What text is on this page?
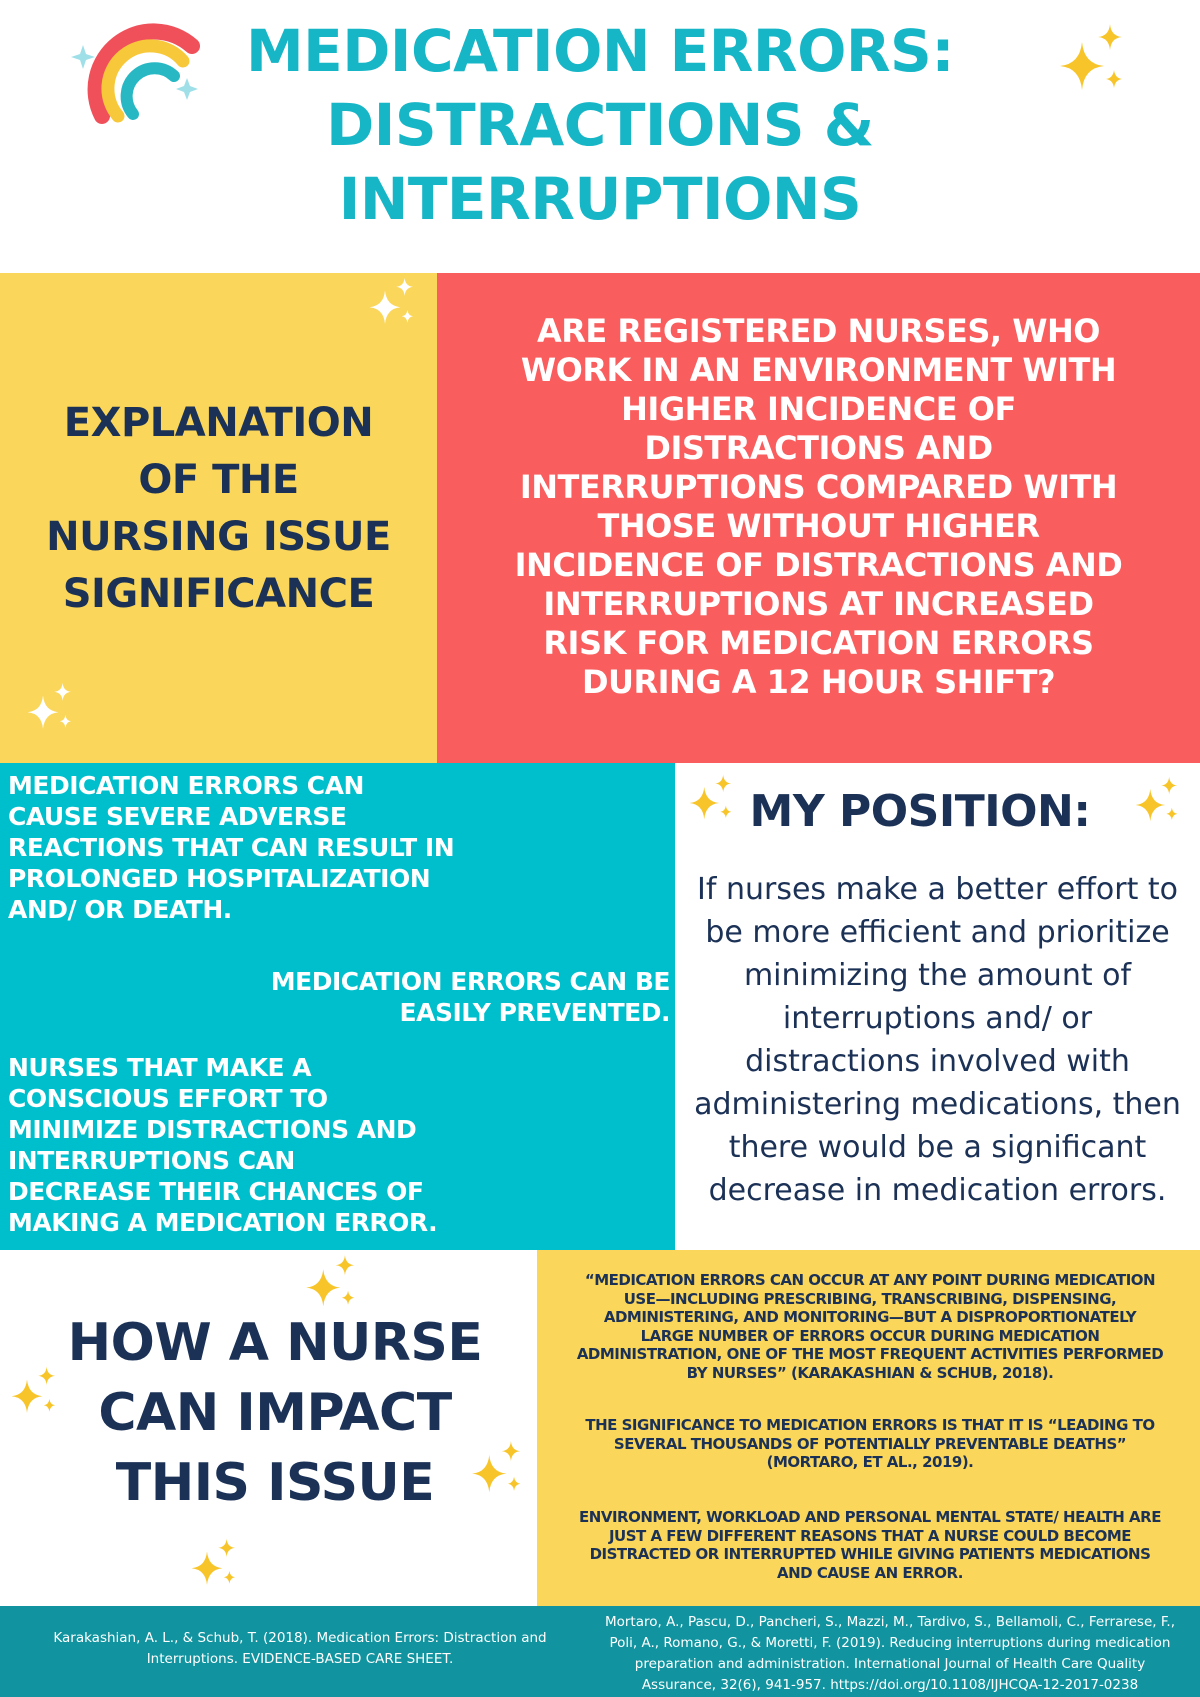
MEDICATION ERRORS:
DISTRACTIONS &
INTERRUPTIONS
EXPLANATION
OF THE
NURSING ISSUE
SIGNIFICANCE
ARE REGISTERED NURSES, WHO
WORK IN AN ENVIRONMENT WITH
HIGHER INCIDENCE OF
DISTRACTIONS AND
INTERRUPTIONS COMPARED WITH
THOSE WITHOUT HIGHER
INCIDENCE OF DISTRACTIONS AND
INTERRUPTIONS AT INCREASED
RISK FOR MEDICATION ERRORS
DURING A 12 HOUR SHIFT?
MEDICATION ERRORS CAN
CAUSE SEVERE ADVERSE
REACTIONS THAT CAN RESULT IN
PROLONGED HOSPITALIZATION
AND/ OR DEATH.
MEDICATION ERRORS CAN BE
EASILY PREVENTED.
NURSES THAT MAKE A
CONSCIOUS EFFORT TO
MINIMIZE DISTRACTIONS AND
INTERRUPTIONS CAN
DECREASE THEIR CHANCES OF
MAKING A MEDICATION ERROR.
MY POSITION:
If nurses make a better effort to
be more efficient and prioritize
minimizing the amount of
interruptions and/ or
distractions involved with
administering medications, then
there would be a significant
decrease in medication errors.
HOW A NURSE
CAN IMPACT
THIS ISSUE
“MEDICATION ERRORS CAN OCCUR AT ANY POINT DURING MEDICATION
USE—INCLUDING PRESCRIBING, TRANSCRIBING, DISPENSING,
ADMINISTERING, AND MONITORING—BUT A DISPROPORTIONATELY
LARGE NUMBER OF ERRORS OCCUR DURING MEDICATION
ADMINISTRATION, ONE OF THE MOST FREQUENT ACTIVITIES PERFORMED
BY NURSES” (KARAKASHIAN & SCHUB, 2018).
THE SIGNIFICANCE TO MEDICATION ERRORS IS THAT IT IS “LEADING TO
SEVERAL THOUSANDS OF POTENTIALLY PREVENTABLE DEATHS”
(MORTARO, ET AL., 2019).
ENVIRONMENT, WORKLOAD AND PERSONAL MENTAL STATE/ HEALTH ARE
JUST A FEW DIFFERENT REASONS THAT A NURSE COULD BECOME
DISTRACTED OR INTERRUPTED WHILE GIVING PATIENTS MEDICATIONS
AND CAUSE AN ERROR.
Karakashian, A. L., & Schub, T. (2018). Medication Errors: Distraction and
Interruptions. EVIDENCE-BASED CARE SHEET.
Mortaro, A., Pascu, D., Pancheri, S., Mazzi, M., Tardivo, S., Bellamoli, C., Ferrarese, F.,
Poli, A., Romano, G., & Moretti, F. (2019). Reducing interruptions during medication
preparation and administration. International Journal of Health Care Quality
Assurance, 32(6), 941-957. https://doi.org/10.1108/IJHCQA-12-2017-0238
